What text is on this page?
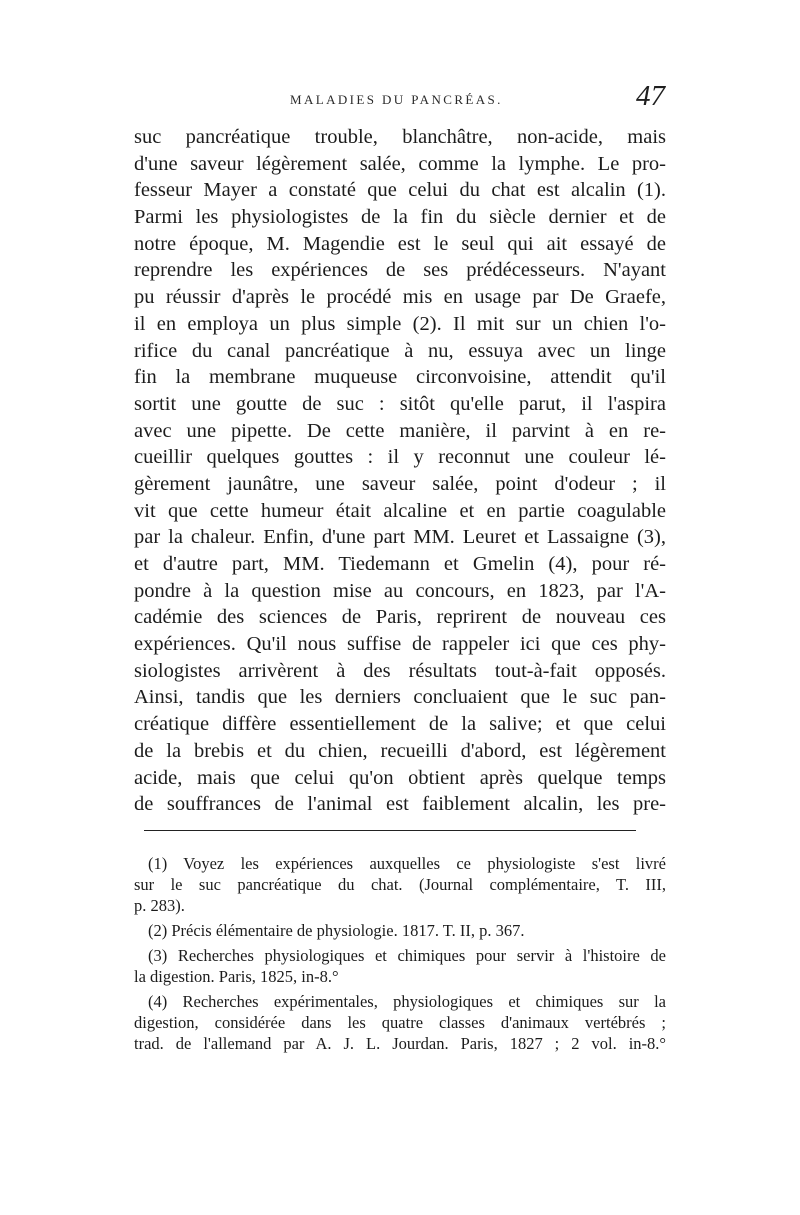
MALADIES DU PANCRÉAS.	47
suc pancréatique trouble, blanchâtre, non-acide, mais
d'une saveur légèrement salée, comme la lymphe. Le pro-
fesseur Mayer a constaté que celui du chat est alcalin (1).
Parmi les physiologistes de la fin du siècle dernier et de
notre époque, M. Magendie est le seul qui ait essayé de
reprendre les expériences de ses prédécesseurs. N'ayant
pu réussir d'après le procédé mis en usage par De Graefe,
il en employa un plus simple (2). Il mit sur un chien l'o-
rifice du canal pancréatique à nu, essuya avec un linge
fin la membrane muqueuse circonvoisine, attendit qu'il
sortit une goutte de suc : sitôt qu'elle parut, il l'aspira
avec une pipette. De cette manière, il parvint à en re-
cueillir quelques gouttes : il y reconnut une couleur lé-
gèrement jaunâtre, une saveur salée, point d'odeur ; il
vit que cette humeur était alcaline et en partie coagulable
par la chaleur. Enfin, d'une part MM. Leuret et Lassaigne (3),
et d'autre part, MM. Tiedemann et Gmelin (4), pour ré-
pondre à la question mise au concours, en 1823, par l'A-
cadémie des sciences de Paris, reprirent de nouveau ces
expériences. Qu'il nous suffise de rappeler ici que ces phy-
siologistes arrivèrent à des résultats tout-à-fait opposés.
Ainsi, tandis que les derniers concluaient que le suc pan-
créatique diffère essentiellement de la salive; et que celui
de la brebis et du chien, recueilli d'abord, est légèrement
acide, mais que celui qu'on obtient après quelque temps
de souffrances de l'animal est faiblement alcalin, les pre-
(1) Voyez les expériences auxquelles ce physiologiste s'est livré
sur le suc pancréatique du chat. (Journal complémentaire, T. III,
p. 283).
(2) Précis élémentaire de physiologie. 1817. T. II, p. 367.
(3) Recherches physiologiques et chimiques pour servir à l'histoire de
la digestion. Paris, 1825, in-8.°
(4) Recherches expérimentales, physiologiques et chimiques sur la
digestion, considérée dans les quatre classes d'animaux vertébrés ;
trad. de l'allemand par A. J. L. Jourdan. Paris, 1827 ; 2 vol. in-8.°
